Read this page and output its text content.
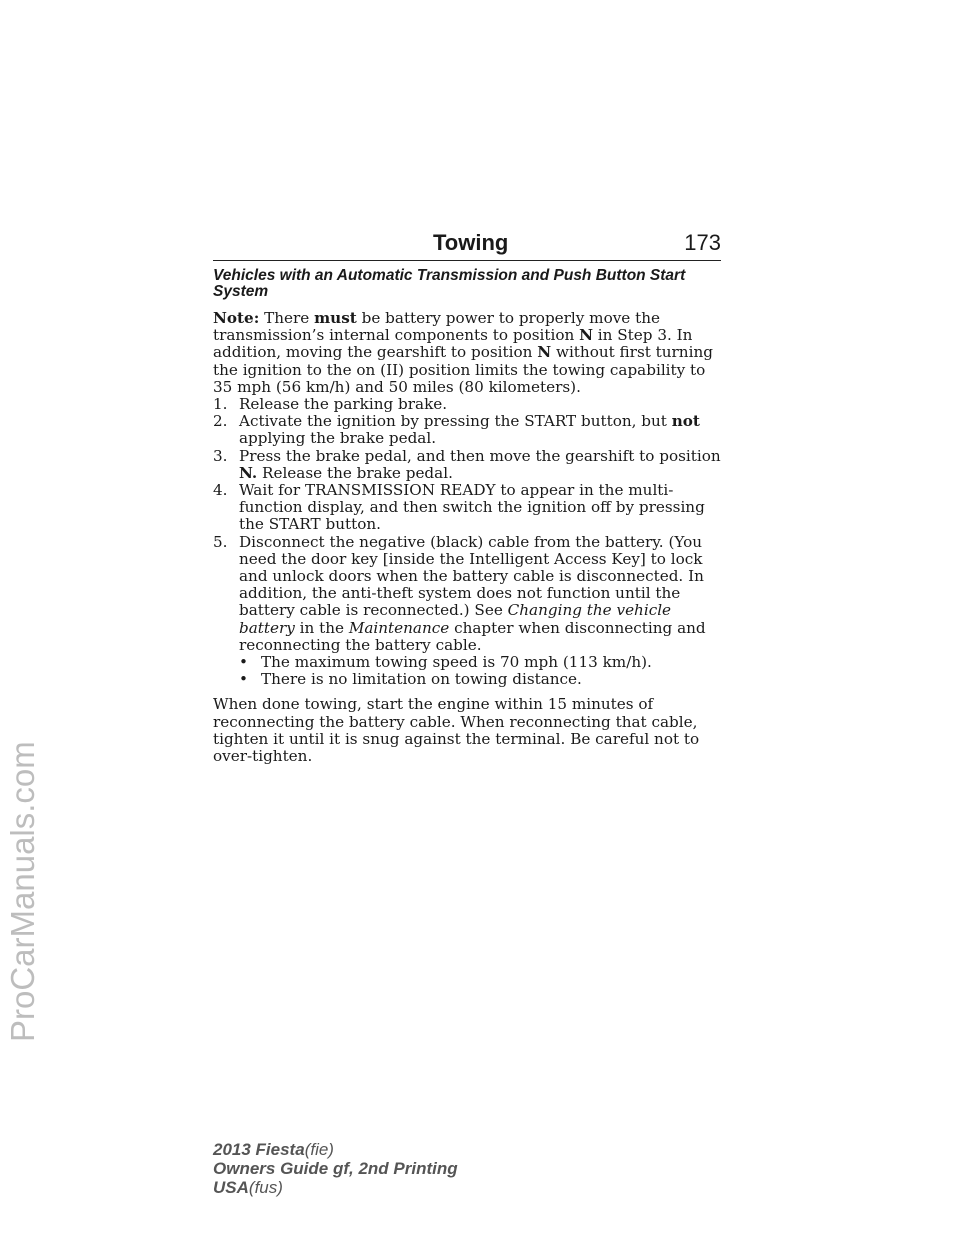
ProCarManuals.com
Towing	173
Vehicles with an Automatic Transmission and Push Button Start System

Note: There must be battery power to properly move the transmission’s internal components to position N in Step 3. In addition, moving the gearshift to position N without first turning the ignition to the on (II) position limits the towing capability to 35 mph (56 km/h) and 50 miles (80 kilometers).

1. Release the parking brake.
2. Activate the ignition by pressing the START button, but not applying the brake pedal.
3. Press the brake pedal, and then move the gearshift to position N. Release the brake pedal.
4. Wait for TRANSMISSION READY to appear in the multi-function display, and then switch the ignition off by pressing the START button.
5. Disconnect the negative (black) cable from the battery. (You need the door key [inside the Intelligent Access Key] to lock and unlock doors when the battery cable is disconnected. In addition, the anti-theft system does not function until the battery cable is reconnected.) See Changing the vehicle battery in the Maintenance chapter when disconnecting and reconnecting the battery cable.
• The maximum towing speed is 70 mph (113 km/h).
• There is no limitation on towing distance.

When done towing, start the engine within 15 minutes of reconnecting the battery cable. When reconnecting that cable, tighten it until it is snug against the terminal. Be careful not to over-tighten.

2013 Fiesta(fie)
Owners Guide gf, 2nd Printing
USA(fus)
